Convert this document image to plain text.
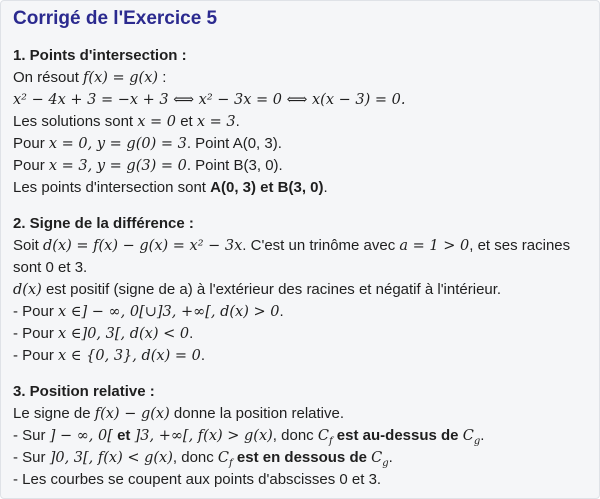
Corrigé de l'Exercice 5
1. Points d'intersection :
On résout f(x) = g(x) :
x² − 4x + 3 = −x + 3 ⟺ x² − 3x = 0 ⟺ x(x − 3) = 0.
Les solutions sont x = 0 et x = 3.
Pour x = 0, y = g(0) = 3. Point A(0, 3).
Pour x = 3, y = g(3) = 0. Point B(3, 0).
Les points d'intersection sont A(0, 3) et B(3, 0).
2. Signe de la différence :
Soit d(x) = f(x) − g(x) = x² − 3x. C'est un trinôme avec a = 1 > 0, et ses racines sont 0 et 3.
d(x) est positif (signe de a) à l'extérieur des racines et négatif à l'intérieur.
- Pour x ∈] − ∞, 0[∪]3, +∞[, d(x) > 0.
- Pour x ∈]0, 3[, d(x) < 0.
- Pour x ∈ {0, 3}, d(x) = 0.
3. Position relative :
Le signe de f(x) − g(x) donne la position relative.
- Sur ] − ∞, 0[ et ]3, +∞[, f(x) > g(x), donc $C_f$ est au-dessus de $C_g$.
- Sur ]0, 3[, f(x) < g(x), donc $C_f$ est en dessous de $C_g$.
- Les courbes se coupent aux points d'abscisses 0 et 3.
